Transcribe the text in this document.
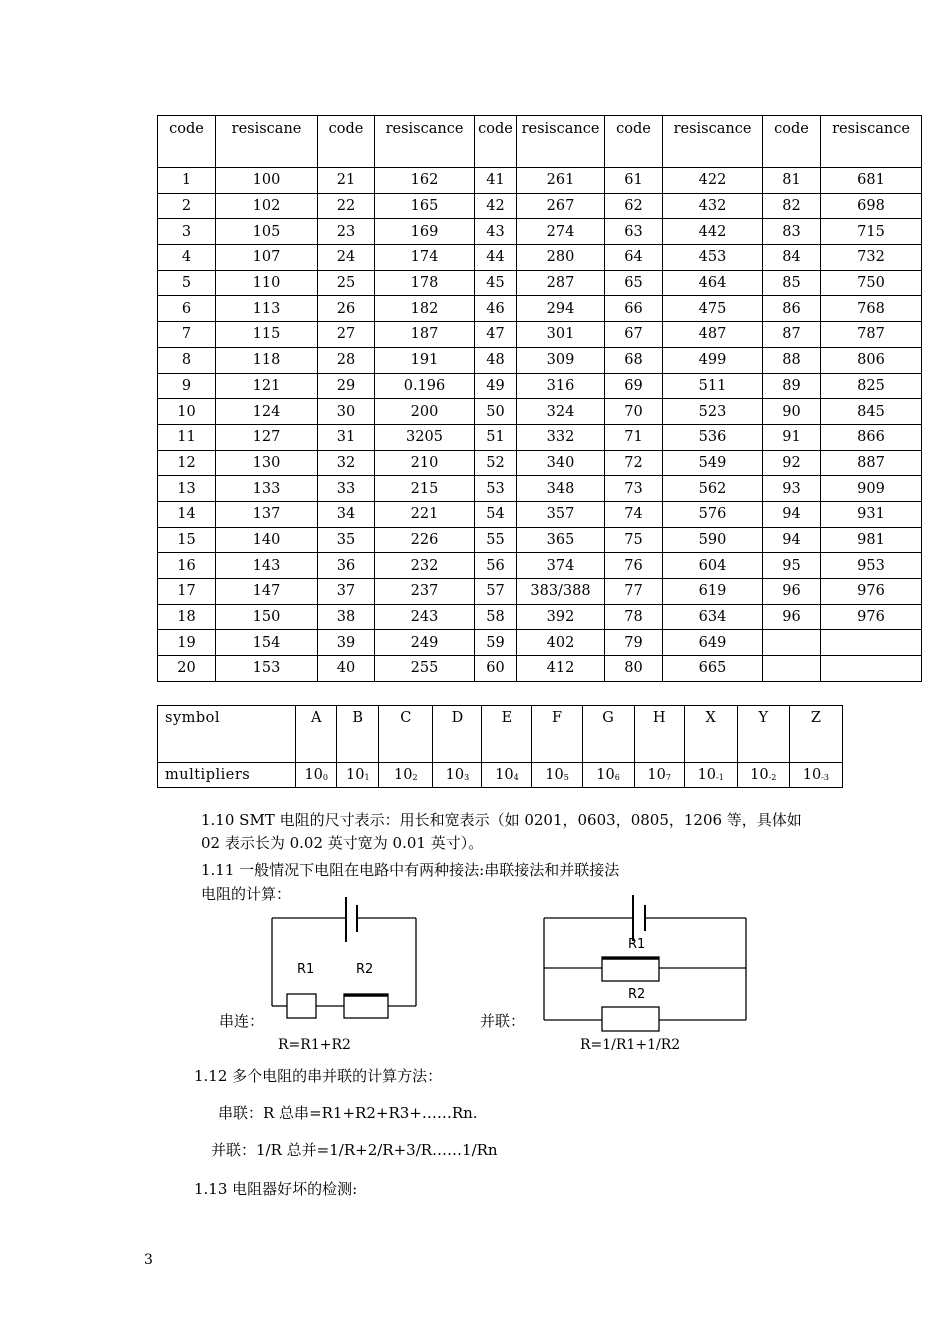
code	resiscane	code	resiscance	code	resiscance	code	resiscance	code	resiscance
1	100	21	162	41	261	61	422	81	681
2	102	22	165	42	267	62	432	82	698
3	105	23	169	43	274	63	442	83	715
4	107	24	174	44	280	64	453	84	732
5	110	25	178	45	287	65	464	85	750
6	113	26	182	46	294	66	475	86	768
7	115	27	187	47	301	67	487	87	787
8	118	28	191	48	309	68	499	88	806
9	121	29	0.196	49	316	69	511	89	825
10	124	30	200	50	324	70	523	90	845
11	127	31	3205	51	332	71	536	91	866
12	130	32	210	52	340	72	549	92	887
13	133	33	215	53	348	73	562	93	909
14	137	34	221	54	357	74	576	94	931
15	140	35	226	55	365	75	590	94	981
16	143	36	232	56	374	76	604	95	953
17	147	37	237	57	383/388	77	619	96	976
18	150	38	243	58	392	78	634	96	976
19	154	39	249	59	402	79	649		
20	153	40	255	60	412	80	665		
symbol	A	B	C	D	E	F	G	H	X	Y	Z
multipliers	100	101	102	103	104	105	106	107	10-1	10-2	10-3
1.10 SMT 电阻的尺寸表示：用长和宽表示（如 0201，0603，0805，1206 等，具体如
02 表示长为 0.02 英寸宽为 0.01 英寸）。
1.11 一般情况下电阻在电路中有两种接法:串联接法和并联接法
电阻的计算：
R1	R2
R1
R2
串连：	并联：
R=R1+R2	R=1/R1+1/R2
1.12 多个电阻的串并联的计算方法：
串联：R 总串=R1+R2+R3+……Rn.
并联：1/R 总并=1/R+2/R+3/R……1/Rn
1.13 电阻器好坏的检测:
3
